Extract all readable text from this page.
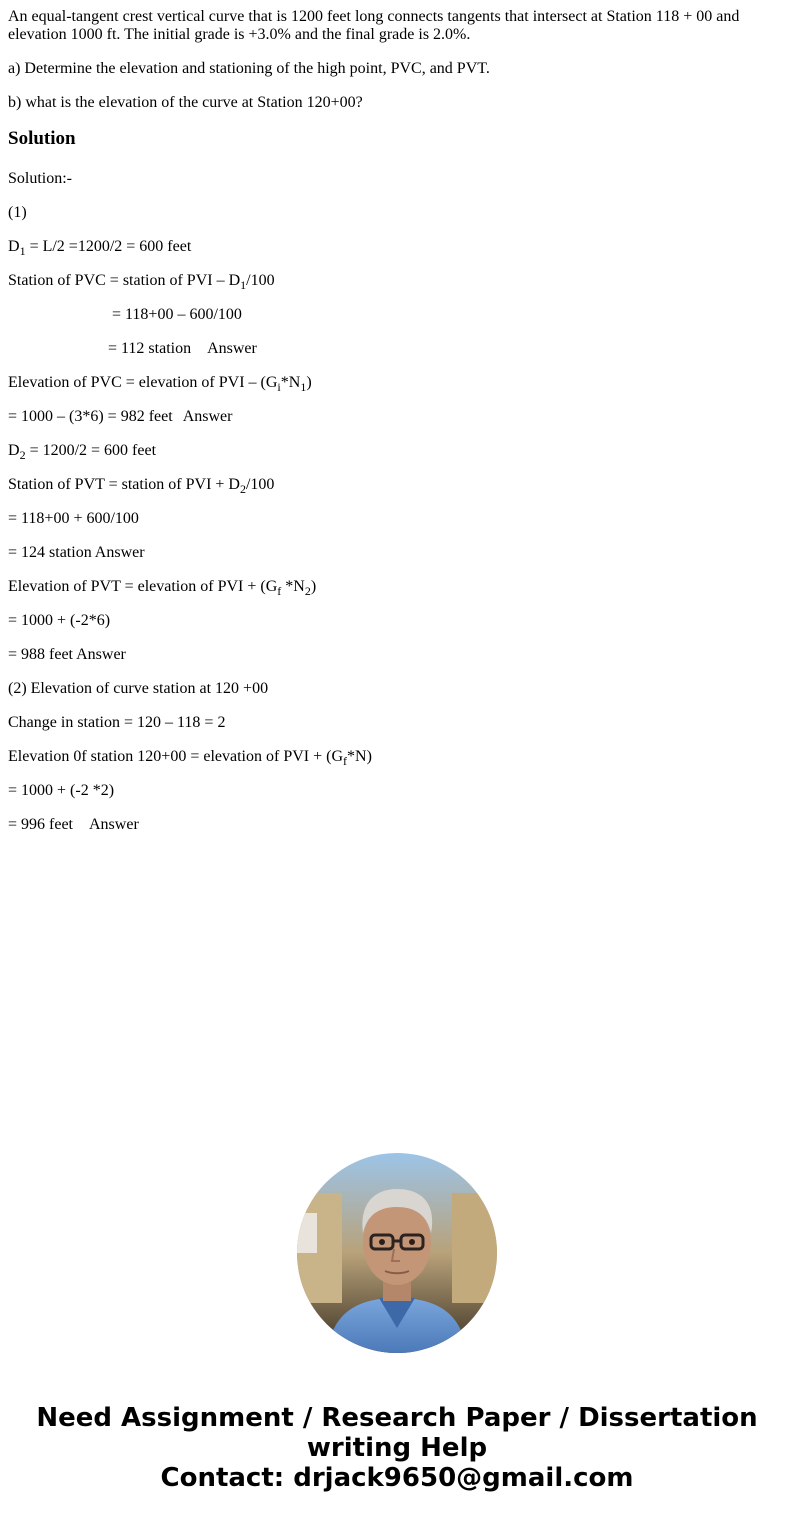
An equal-tangent crest vertical curve that is 1200 feet long connects tangents that intersect at Station 118 + 00 and elevation 1000 ft. The initial grade is +3.0% and the final grade is 2.0%.

a) Determine the elevation and stationing of the high point, PVC, and PVT.

b) what is the elevation of the curve at Station 120+00?

Solution

Solution:-

(1)

$D_1 = L/2 =1200/2 = 600$ feet

Station of PVC = station of PVI – $D_1/100$

= 118+00 – 600/100

= 112 station Answer

Elevation of PVC = elevation of PVI – $(G_i*N_1)$

= 1000 – (3*6) = 982 feet Answer

$D_2 = 1200/2 = 600$ feet

Station of PVT = station of PVI + $D_2/100$

= 118+00 + 600/100

= 124 station Answer

Elevation of PVT = elevation of PVI + ($G_f$ $*N_2$)

= 1000 + (-2*6)

= 988 feet Answer

(2) Elevation of curve station at 120 +00

Change in station = 120 – 118 = 2

Elevation 0f station 120+00 = elevation of PVI + $(G_f*N)$

= 1000 + (-2 *2)

= 996 feet Answer

Need Assignment / Research Paper / Dissertation
writing Help
Contact: drjack9650@gmail.com
